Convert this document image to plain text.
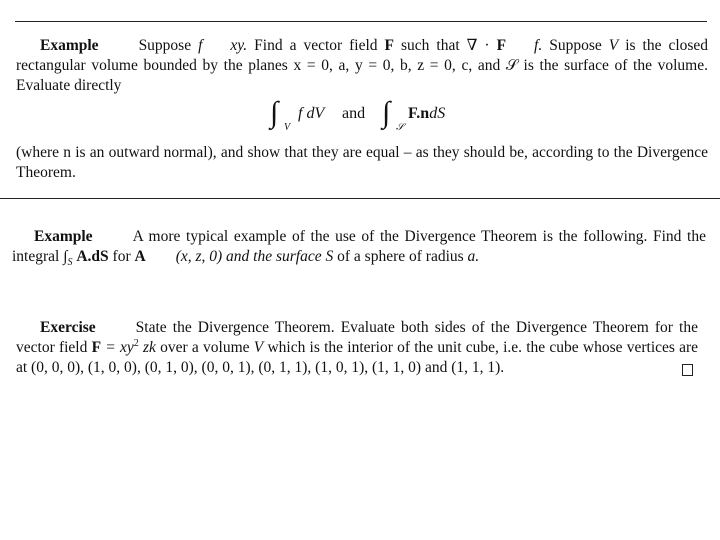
Example	Suppose f xy. Find a vector field F such that ∇ · F f. Suppose V is the closed
rectangular volume bounded by the planes x = 0, a, y = 0, b, z = 0, c, and 𝒮 is the surface of the volume.
Evaluate directly
∫ V
f dV and ∫ 𝒮
F.ndS
(where n is an outward normal), and show that they are equal – as they should be, according to the Divergence
Theorem.
Example	A more typical example of the use of the Divergence Theorem is the following. Find the
integral $\int_S$ A.dS for A (x, z, 0) and the surface S of a sphere of radius a.
Exercise	State the Divergence Theorem. Evaluate both sides of the Divergence Theorem for the
vector field $F = xy^2$ zk over a volume V which is the interior of the unit cube, i.e. the cube whose vertices are
at (0, 0, 0), (1, 0, 0), (0, 1, 0), (0, 0, 1), (0, 1, 1), (1, 0, 1), (1, 1, 0) and (1, 1, 1).
